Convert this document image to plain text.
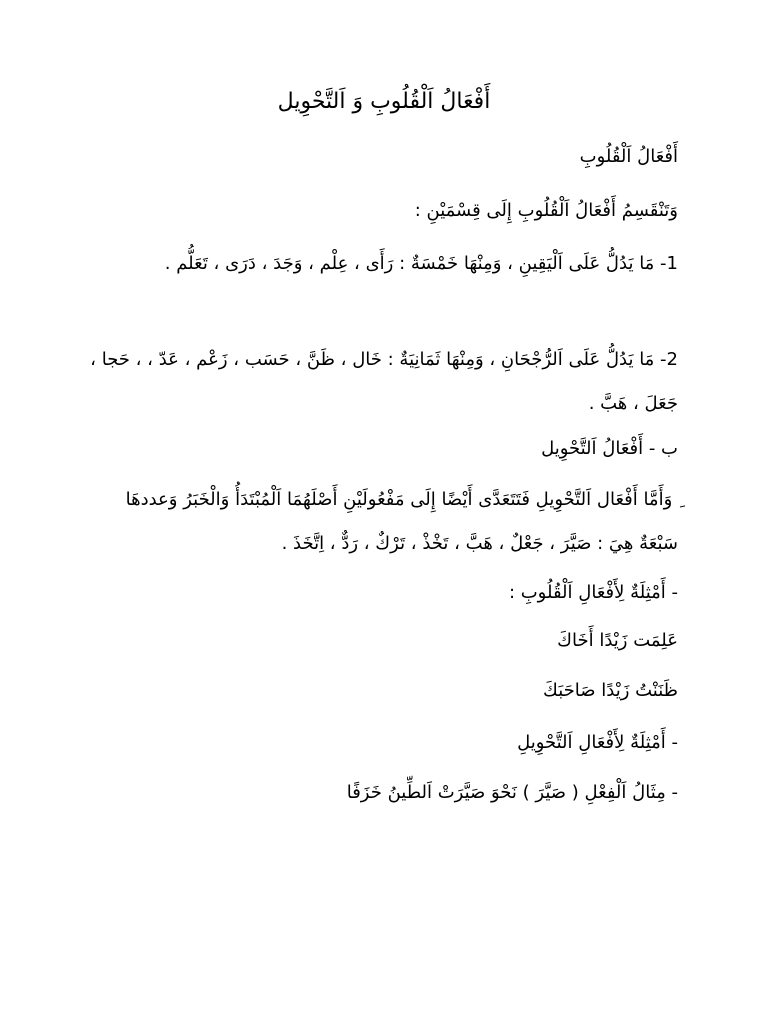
أَفْعَالُ اَلْقُلُوبِ وَ اَلتَّحْوِيل
أَفْعَالُ اَلْقُلُوبِ
وَتَنْقَسِمُ أَفْعَالُ اَلْقُلُوبِ إِلَى قِسْمَيْنِ :
1- مَا يَدُلُّ عَلَى اَلْيَقِينِ ، وَمِنْهَا خَمْسَةٌ : رَأَى ، عِلْم ، وَجَدَ ، دَرَى ، تَعَلُّم .
2- مَا يَدُلُّ عَلَى اَلرُّجْحَانِ ، وَمِنْهَا ثَمَانِيَةٌ : خَال ، ظَنَّ ، حَسَب ، زَعْم ، عَدّ ، ، حَجا ، جَعَلَ ، هَبَّ .
ب - أَفْعَالُ اَلتَّحْوِيل
ِ وَأَمَّا أَفْعَال اَلتَّحْوِيلِ فَتَتَعَدَّى أَيْضًا إِلَى مَفْعُولَيْنِ أَصْلَهُمَا اَلْمُبْتَدَأُ وَالْخَبَرُ وَعددهَا سَبْعَةٌ هِيَ : صَيَّرَ ، جَعْلٌ ، هَبَّ ، تَخْذْ ، تَرْكٌ ، رَدٌّ ، اِتَّخَذَ .
- أَمْثِلَةٌ لِأَفْعَالِ اَلْقُلُوبِ :
عَلِمَت زَيْدًا أَخَاكَ
ظَنَنْتُ زَيْدًا صَاحَبَكَ
- أَمْثِلَةٌ لِأَفْعَالِ اَلتَّحْوِيلِ
- مِثَالُ اَلْفِعْلِ ( صَيَّرَ ) نَحْوَ صَيَّرَتْ اَلطِّينُ خَزَفًا
